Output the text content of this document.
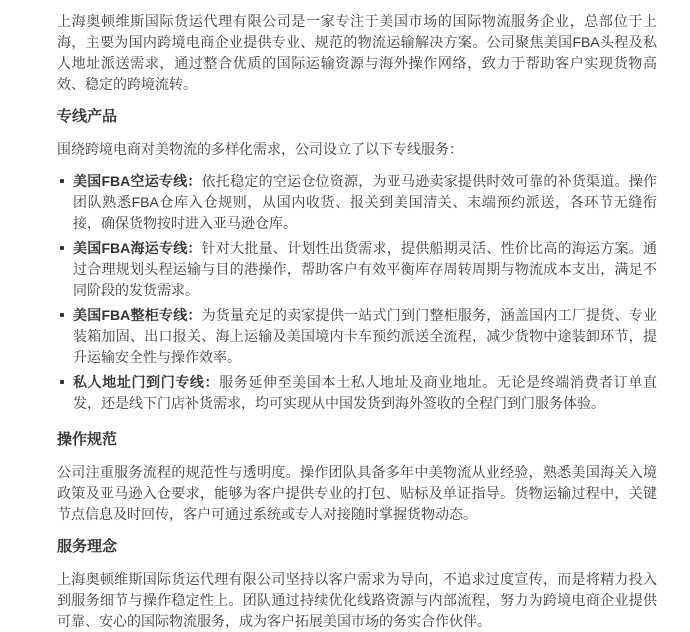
上海奥顿维斯国际货运代理有限公司是一家专注于美国市场的国际物流服务企业，总部位于上海，主要为国内跨境电商企业提供专业、规范的物流运输解决方案。公司聚焦美国FBA头程及私人地址派送需求，通过整合优质的国际运输资源与海外操作网络，致力于帮助客户实现货物高效、稳定的跨境流转。

专线产品

围绕跨境电商对美物流的多样化需求，公司设立了以下专线服务：

美国FBA空运专线：依托稳定的空运仓位资源，为亚马逊卖家提供时效可靠的补货渠道。操作团队熟悉FBA仓库入仓规则，从国内收货、报关到美国清关、末端预约派送，各环节无缝衔接，确保货物按时进入亚马逊仓库。
美国FBA海运专线：针对大批量、计划性出货需求，提供船期灵活、性价比高的海运方案。通过合理规划头程运输与目的港操作，帮助客户有效平衡库存周转周期与物流成本支出，满足不同阶段的发货需求。
美国FBA整柜专线：为货量充足的卖家提供一站式门到门整柜服务，涵盖国内工厂提货、专业装箱加固、出口报关、海上运输及美国境内卡车预约派送全流程，减少货物中途装卸环节，提升运输安全性与操作效率。
私人地址门到门专线：服务延伸至美国本土私人地址及商业地址。无论是终端消费者订单直发，还是线下门店补货需求，均可实现从中国发货到海外签收的全程门到门服务体验。
操作规范

公司注重服务流程的规范性与透明度。操作团队具备多年中美物流从业经验，熟悉美国海关入境政策及亚马逊入仓要求，能够为客户提供专业的打包、贴标及单证指导。货物运输过程中，关键节点信息及时回传，客户可通过系统或专人对接随时掌握货物动态。

服务理念

上海奥顿维斯国际货运代理有限公司坚持以客户需求为导向，不追求过度宣传，而是将精力投入到服务细节与操作稳定性上。团队通过持续优化线路资源与内部流程，努力为跨境电商企业提供可靠、安心的国际物流服务，成为客户拓展美国市场的务实合作伙伴。
